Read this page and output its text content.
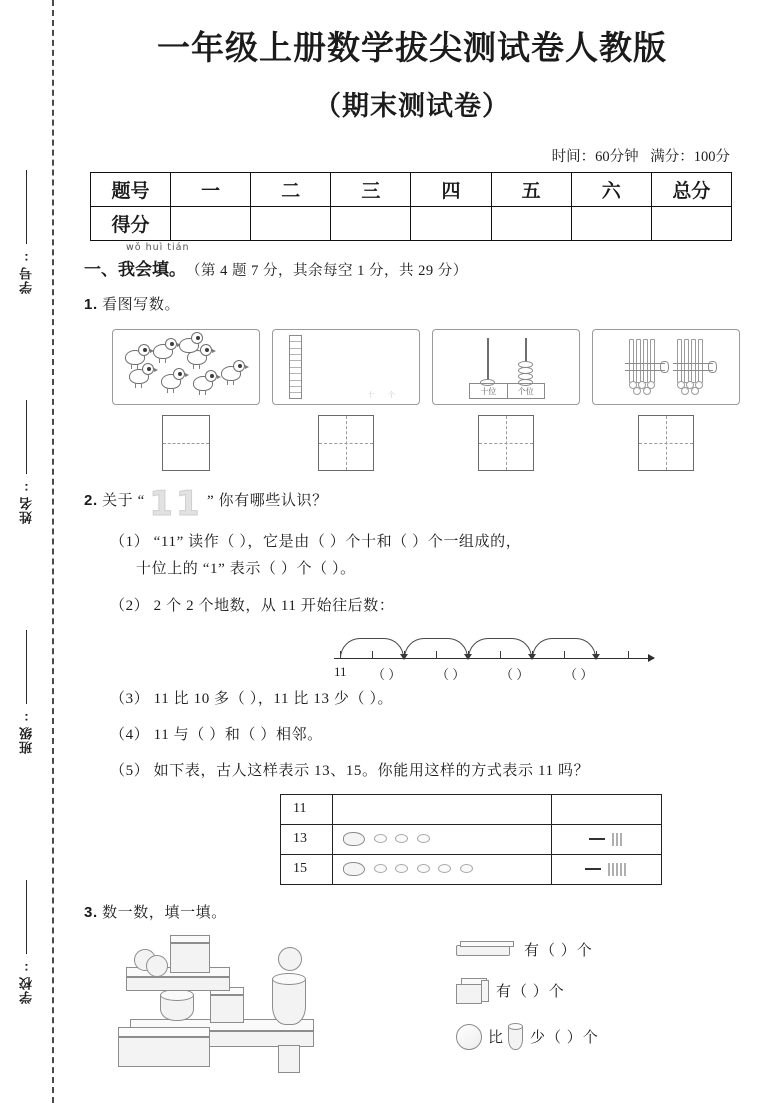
学号:
姓名:
班级:
学校:
一年级上册数学拔尖测试卷人教版
（期末测试卷）
时间：60分钟 满分：100分
题号	一	二	三	四	五	六	总分
得分							
wǒ huì tián
一、 我会填 。 （第 4 题 7 分，其余每空 1 分，共 29 分）
1. 看图写数。
十 个	十位	个位
2. 关于 “ 11 ” 你有哪些认识？
（1） “11” 读作（ ），它是由（ ）个十和（ ）个一组成的，
十位上的 “1” 表示（ ）个（ ）。
（2） 2 个 2 个地数，从 11 开始往后数：
11 （ ）	（ ）	（ ）	（ ）
（3） 11 比 10 多（ ），11 比 13 少（ ）。
（4） 11 与（ ）和（ ）相邻。
（5） 如下表，古人这样表示 13、15。你能用这样的方式表示 11 吗？
11		
13		|||
15		|||||
3. 数一数，填一填。
有（ ）个
有（ ）个
比 少（ ）个
